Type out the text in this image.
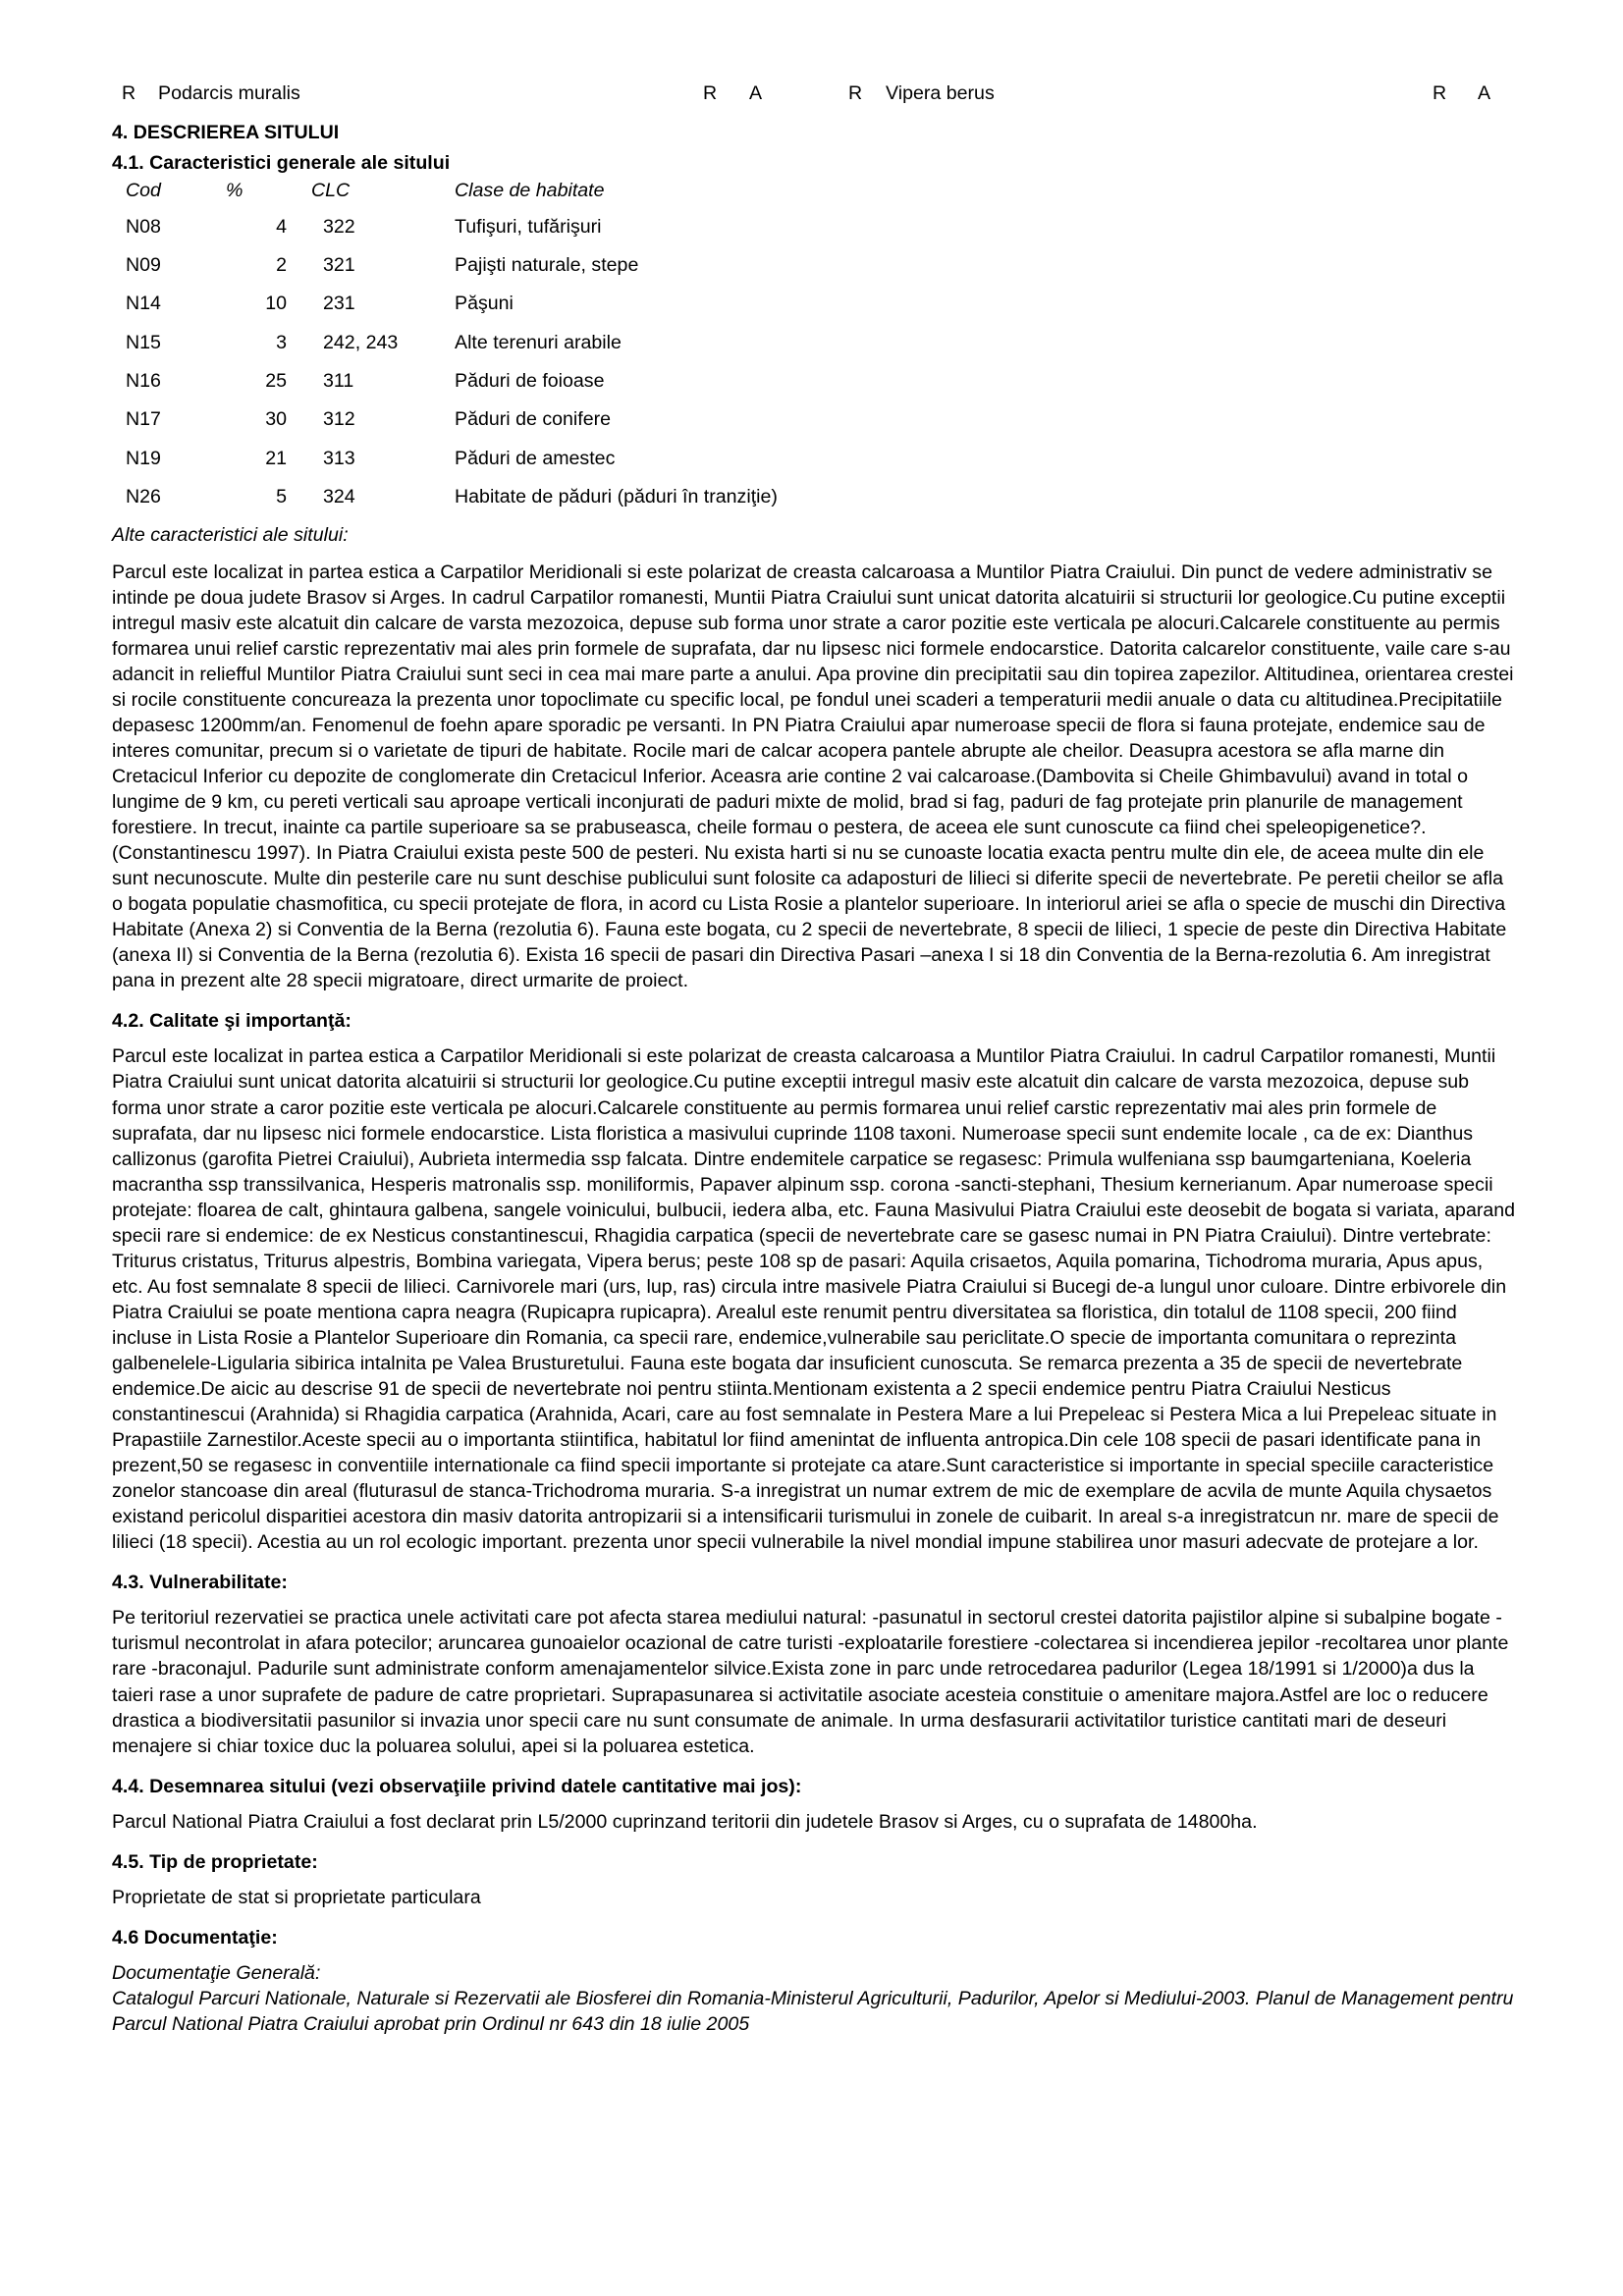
R Podarcis muralis	R A	R Vipera berus	R A
4. DESCRIEREA SITULUI
4.1. Caracteristici generale ale sitului
Cod	%	CLC	Clase de habitate
N08	4	322	Tufişuri, tufărişuri
N09	2	321	Pajişti naturale, stepe
N14	10	231	Păşuni
N15	3	242, 243	Alte terenuri arabile
N16	25	311	Păduri de foioase
N17	30	312	Păduri de conifere
N19	21	313	Păduri de amestec
N26	5	324	Habitate de păduri (păduri în tranziţie)
Alte caracteristici ale sitului:

Parcul este localizat in partea estica a Carpatilor Meridionali si este polarizat de creasta calcaroasa a Muntilor Piatra Craiului. Din punct de vedere administrativ se intinde pe doua judete Brasov si Arges. In cadrul Carpatilor romanesti, Muntii Piatra Craiului sunt unicat datorita alcatuirii si structurii lor geologice.Cu putine exceptii intregul masiv este alcatuit din calcare de varsta mezozoica, depuse sub forma unor strate a caror pozitie este verticala pe alocuri.Calcarele constituente au permis formarea unui relief carstic reprezentativ mai ales prin formele de suprafata, dar nu lipsesc nici formele endocarstice. Datorita calcarelor constituente, vaile care s-au adancit in reliefful Muntilor Piatra Craiului sunt seci in cea mai mare parte a anului. Apa provine din precipitatii sau din topirea zapezilor. Altitudinea, orientarea crestei si rocile constituente concureaza la prezenta unor topoclimate cu specific local, pe fondul unei scaderi a temperaturii medii anuale o data cu altitudinea.Precipitatiile depasesc 1200mm/an. Fenomenul de foehn apare sporadic pe versanti. In PN Piatra Craiului apar numeroase specii de flora si fauna protejate, endemice sau de interes comunitar, precum si o varietate de tipuri de habitate. Rocile mari de calcar acopera pantele abrupte ale cheilor. Deasupra acestora se afla marne din Cretacicul Inferior cu depozite de conglomerate din Cretacicul Inferior. Aceasra arie contine 2 vai calcaroase.(Dambovita si Cheile Ghimbavului) avand in total o lungime de 9 km, cu pereti verticali sau aproape verticali inconjurati de paduri mixte de molid, brad si fag, paduri de fag protejate prin planurile de management forestiere. In trecut, inainte ca partile superioare sa se prabuseasca, cheile formau o pestera, de aceea ele sunt cunoscute ca fiind chei speleopigenetice?. (Constantinescu 1997). In Piatra Craiului exista peste 500 de pesteri. Nu exista harti si nu se cunoaste locatia exacta pentru multe din ele, de aceea multe din ele sunt necunoscute. Multe din pesterile care nu sunt deschise publicului sunt folosite ca adaposturi de lilieci si diferite specii de nevertebrate. Pe peretii cheilor se afla o bogata populatie chasmofitica, cu specii protejate de flora, in acord cu Lista Rosie a plantelor superioare. In interiorul ariei se afla o specie de muschi din Directiva Habitate (Anexa 2) si Conventia de la Berna (rezolutia 6). Fauna este bogata, cu 2 specii de nevertebrate, 8 specii de lilieci, 1 specie de peste din Directiva Habitate (anexa II) si Conventia de la Berna (rezolutia 6). Exista 16 specii de pasari din Directiva Pasari –anexa I si 18 din Conventia de la Berna-rezolutia 6. Am inregistrat pana in prezent alte 28 specii migratoare, direct urmarite de proiect.

4.2. Calitate şi importanţă:

Parcul este localizat in partea estica a Carpatilor Meridionali si este polarizat de creasta calcaroasa a Muntilor Piatra Craiului. In cadrul Carpatilor romanesti, Muntii Piatra Craiului sunt unicat datorita alcatuirii si structurii lor geologice.Cu putine exceptii intregul masiv este alcatuit din calcare de varsta mezozoica, depuse sub forma unor strate a caror pozitie este verticala pe alocuri.Calcarele constituente au permis formarea unui relief carstic reprezentativ mai ales prin formele de suprafata, dar nu lipsesc nici formele endocarstice. Lista floristica a masivului cuprinde 1108 taxoni. Numeroase specii sunt endemite locale , ca de ex: Dianthus callizonus (garofita Pietrei Craiului), Aubrieta intermedia ssp falcata. Dintre endemitele carpatice se regasesc: Primula wulfeniana ssp baumgarteniana, Koeleria macrantha ssp transsilvanica, Hesperis matronalis ssp. moniliformis, Papaver alpinum ssp. corona -sancti-stephani, Thesium kernerianum. Apar numeroase specii protejate: floarea de calt, ghintaura galbena, sangele voinicului, bulbucii, iedera alba, etc. Fauna Masivului Piatra Craiului este deosebit de bogata si variata, aparand specii rare si endemice: de ex Nesticus constantinescui, Rhagidia carpatica (specii de nevertebrate care se gasesc numai in PN Piatra Craiului). Dintre vertebrate: Triturus cristatus, Triturus alpestris, Bombina variegata, Vipera berus; peste 108 sp de pasari: Aquila crisaetos, Aquila pomarina, Tichodroma muraria, Apus apus, etc. Au fost semnalate 8 specii de lilieci. Carnivorele mari (urs, lup, ras) circula intre masivele Piatra Craiului si Bucegi de-a lungul unor culoare. Dintre erbivorele din Piatra Craiului se poate mentiona capra neagra (Rupicapra rupicapra). Arealul este renumit pentru diversitatea sa floristica, din totalul de 1108 specii, 200 fiind incluse in Lista Rosie a Plantelor Superioare din Romania, ca specii rare, endemice,vulnerabile sau periclitate.O specie de importanta comunitara o reprezinta galbenelele-Ligularia sibirica intalnita pe Valea Brusturetului. Fauna este bogata dar insuficient cunoscuta. Se remarca prezenta a 35 de specii de nevertebrate endemice.De aicic au descrise 91 de specii de nevertebrate noi pentru stiinta.Mentionam existenta a 2 specii endemice pentru Piatra Craiului Nesticus constantinescui (Arahnida) si Rhagidia carpatica (Arahnida, Acari, care au fost semnalate in Pestera Mare a lui Prepeleac si Pestera Mica a lui Prepeleac situate in Prapastiile Zarnestilor.Aceste specii au o importanta stiintifica, habitatul lor fiind amenintat de influenta antropica.Din cele 108 specii de pasari identificate pana in prezent,50 se regasesc in conventiile internationale ca fiind specii importante si protejate ca atare.Sunt caracteristice si importante in special speciile caracteristice zonelor stancoase din areal (fluturasul de stanca-Trichodroma muraria. S-a inregistrat un numar extrem de mic de exemplare de acvila de munte Aquila chysaetos existand pericolul disparitiei acestora din masiv datorita antropizarii si a intensificarii turismului in zonele de cuibarit. In areal s-a inregistratcun nr. mare de specii de lilieci (18 specii). Acestia au un rol ecologic important. prezenta unor specii vulnerabile la nivel mondial impune stabilirea unor masuri adecvate de protejare a lor.

4.3. Vulnerabilitate:

Pe teritoriul rezervatiei se practica unele activitati care pot afecta starea mediului natural: -pasunatul in sectorul crestei datorita pajistilor alpine si subalpine bogate -turismul necontrolat in afara potecilor; aruncarea gunoaielor ocazional de catre turisti -exploatarile forestiere -colectarea si incendierea jepilor -recoltarea unor plante rare -braconajul. Padurile sunt administrate conform amenajamentelor silvice.Exista zone in parc unde retrocedarea padurilor (Legea 18/1991 si 1/2000)a dus la taieri rase a unor suprafete de padure de catre proprietari. Suprapasunarea si activitatile asociate acesteia constituie o amenitare majora.Astfel are loc o reducere drastica a biodiversitatii pasunilor si invazia unor specii care nu sunt consumate de animale. In urma desfasurarii activitatilor turistice cantitati mari de deseuri menajere si chiar toxice duc la poluarea solului, apei si la poluarea estetica.

4.4. Desemnarea sitului (vezi observaţiile privind datele cantitative mai jos):

Parcul National Piatra Craiului a fost declarat prin L5/2000 cuprinzand teritorii din judetele Brasov si Arges, cu o suprafata de 14800ha.

4.5. Tip de proprietate:

Proprietate de stat si proprietate particulara

4.6 Documentaţie:
Documentaţie Generală:

Catalogul Parcuri Nationale, Naturale si Rezervatii ale Biosferei din Romania-Ministerul Agriculturii, Padurilor, Apelor si Mediului-2003. Planul de Management pentru Parcul National Piatra Craiului aprobat prin Ordinul nr 643 din 18 iulie 2005
